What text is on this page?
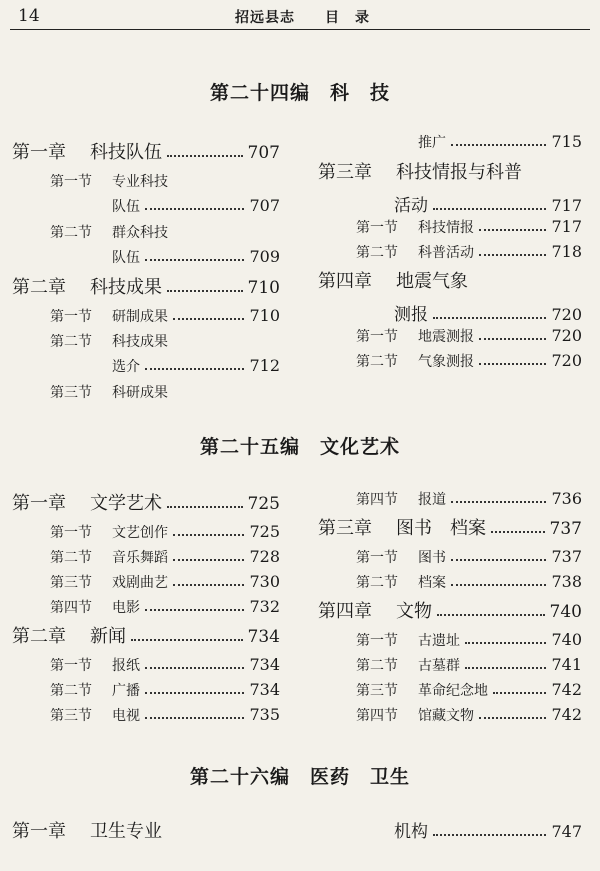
14	招远县志　　目　录
第二十四编　科　技
第一章	科技队伍	707
第一节	专业科技
队伍	707
第二节	群众科技
队伍	709
第二章	科技成果	710
第一节	研制成果	710
第二节	科技成果
选介	712
第三节	科研成果
推广	715
第三章	科技情报与科普
活动	717
第一节	科技情报	717
第二节	科普活动	718
第四章	地震气象
测报	720
第一节	地震测报	720
第二节	气象测报	720
第二十五编　文化艺术
第一章	文学艺术	725
第一节	文艺创作	725
第二节	音乐舞蹈	728
第三节	戏剧曲艺	730
第四节	电影	732
第二章	新闻	734
第一节	报纸	734
第二节	广播	734
第三节	电视	735
第四节	报道	736
第三章	图书　档案	737
第一节	图书	737
第二节	档案	738
第四章	文物	740
第一节	古遗址	740
第二节	古墓群	741
第三节	革命纪念地	742
第四节	馆藏文物	742
第二十六编　医药　卫生
第一章	卫生专业	机构	747
